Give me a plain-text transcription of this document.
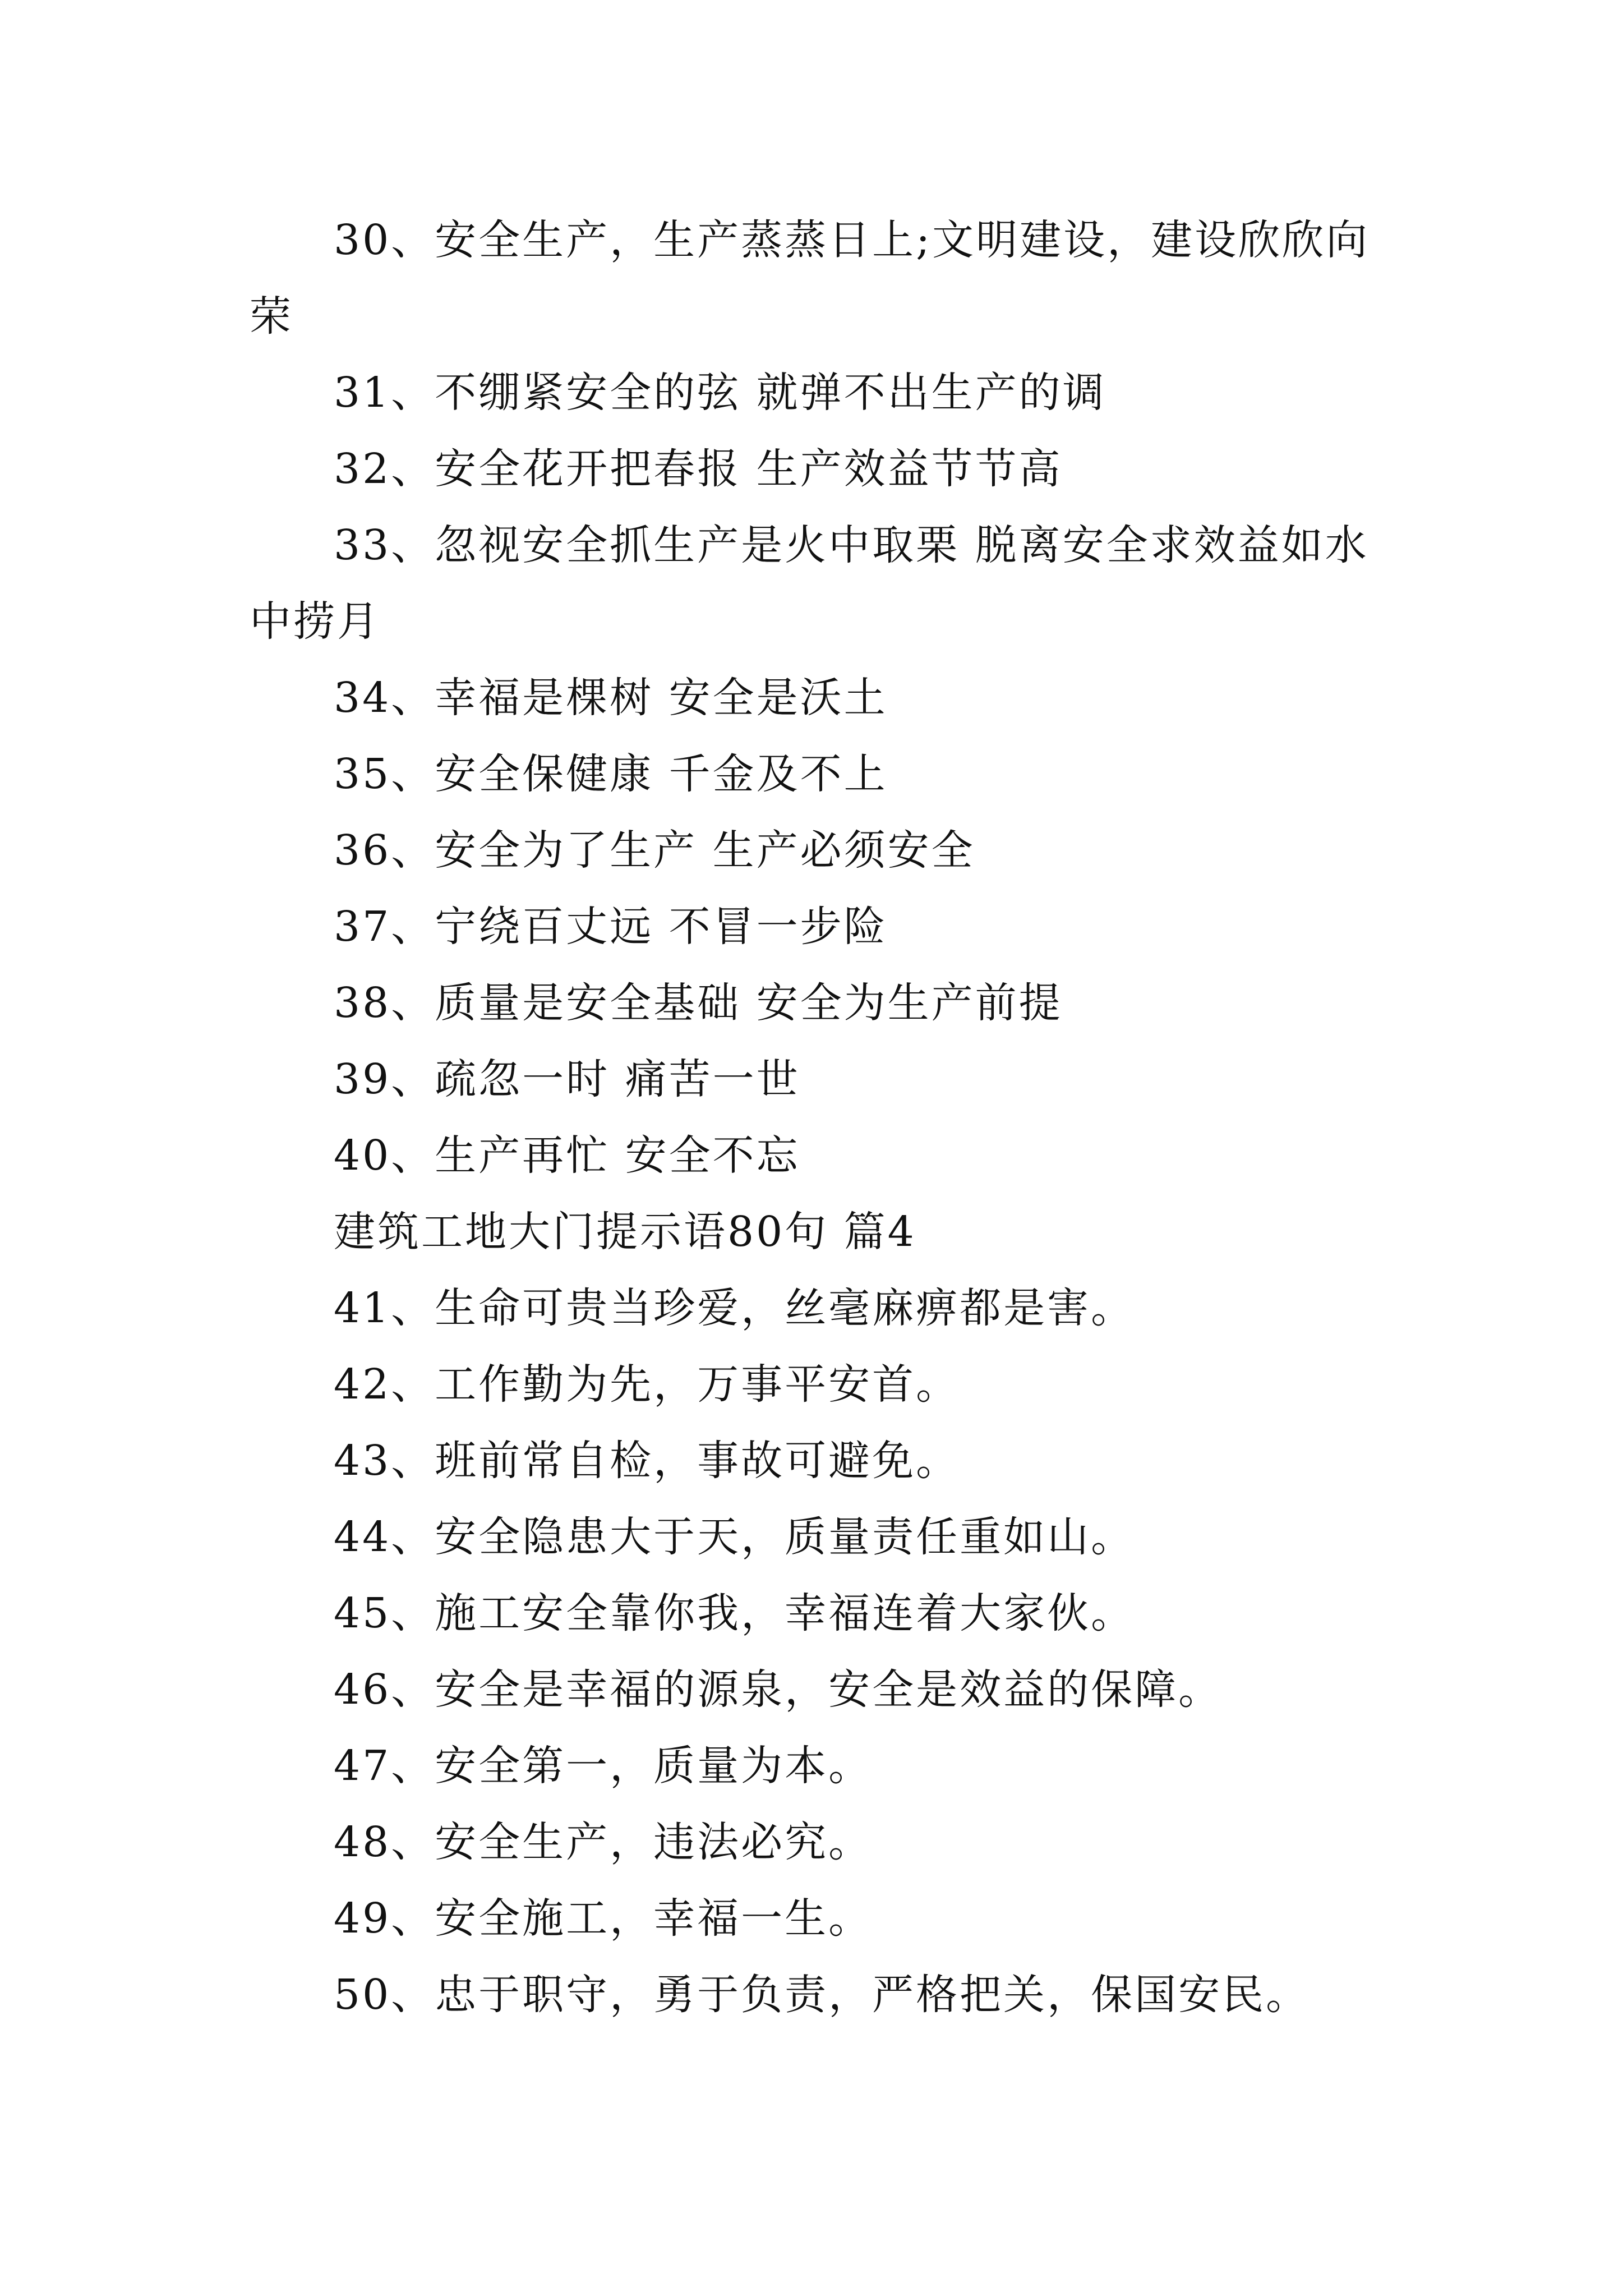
30、安全生产，生产蒸蒸日上;文明建设，建设欣欣向荣

31、不绷紧安全的弦 就弹不出生产的调

32、安全花开把春报 生产效益节节高

33、忽视安全抓生产是火中取栗 脱离安全求效益如水中捞月

34、幸福是棵树 安全是沃土

35、安全保健康 千金及不上

36、安全为了生产 生产必须安全

37、宁绕百丈远 不冒一步险

38、质量是安全基础 安全为生产前提

39、疏忽一时 痛苦一世

40、生产再忙 安全不忘

建筑工地大门提示语80句 篇4

41、生命可贵当珍爱，丝毫麻痹都是害。

42、工作勤为先，万事平安首。

43、班前常自检，事故可避免。

44、安全隐患大于天，质量责任重如山。

45、施工安全靠你我，幸福连着大家伙。

46、安全是幸福的源泉，安全是效益的保障。

47、安全第一，质量为本。

48、安全生产，违法必究。

49、安全施工，幸福一生。

50、忠于职守，勇于负责，严格把关，保国安民。
